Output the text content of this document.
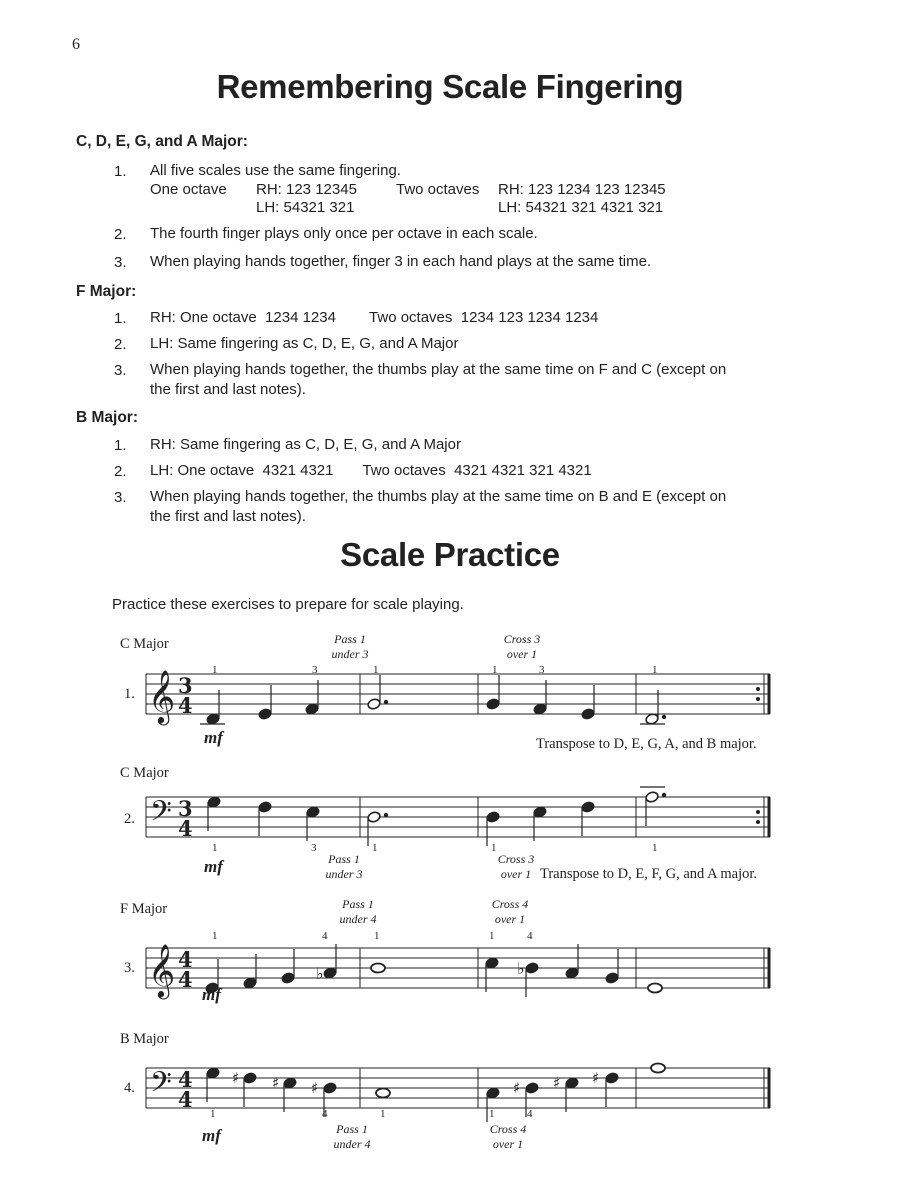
6
Remembering Scale Fingering
C, D, E, G, and A Major:
1. All five scales use the same fingering.
One octave RH: 123 12345
LH: 54321 321
Two octaves RH: 123 1234 123 12345
LH: 54321 321 4321 321
2. The fourth finger plays only once per octave in each scale.
3. When playing hands together, finger 3 in each hand plays at the same time.
F Major:
1. RH: One octave  1234 1234        Two octaves  1234 123 1234 1234
2. LH: Same fingering as C, D, E, G, and A Major
3. When playing hands together, the thumbs play at the same time on F and C (except on
the first and last notes).
B Major:
1. RH: Same fingering as C, D, E, G, and A Major
2. LH: One octave  4321 4321       Two octaves  4321 4321 321 4321
3. When playing hands together, the thumbs play at the same time on B and E (except on
the first and last notes).
Scale Practice
Practice these exercises to prepare for scale playing.
𝄞
𝄢
𝄞
𝄢
3
4
3
4
4
4
4
4
♭	♭
♯ ♯ ♯	♯ ♯ ♯
C Major
1.
mf
Pass 1
under 3
Cross 3
over 1
1	3	1	1	3	1
Transpose to D, E, G, A, and B major.
C Major
2.
mf
1	3	1	1	1
Pass 1
under 3
Cross 3
over 1 Transpose to D, E, F, G, and A major.
F Major
3.
mf
Pass 1
under 4
Cross 4
over 1
1	4	1	1	4
B Major
4.
mf
1	4	1	1	4
Pass 1
under 4
Cross 4
over 1
